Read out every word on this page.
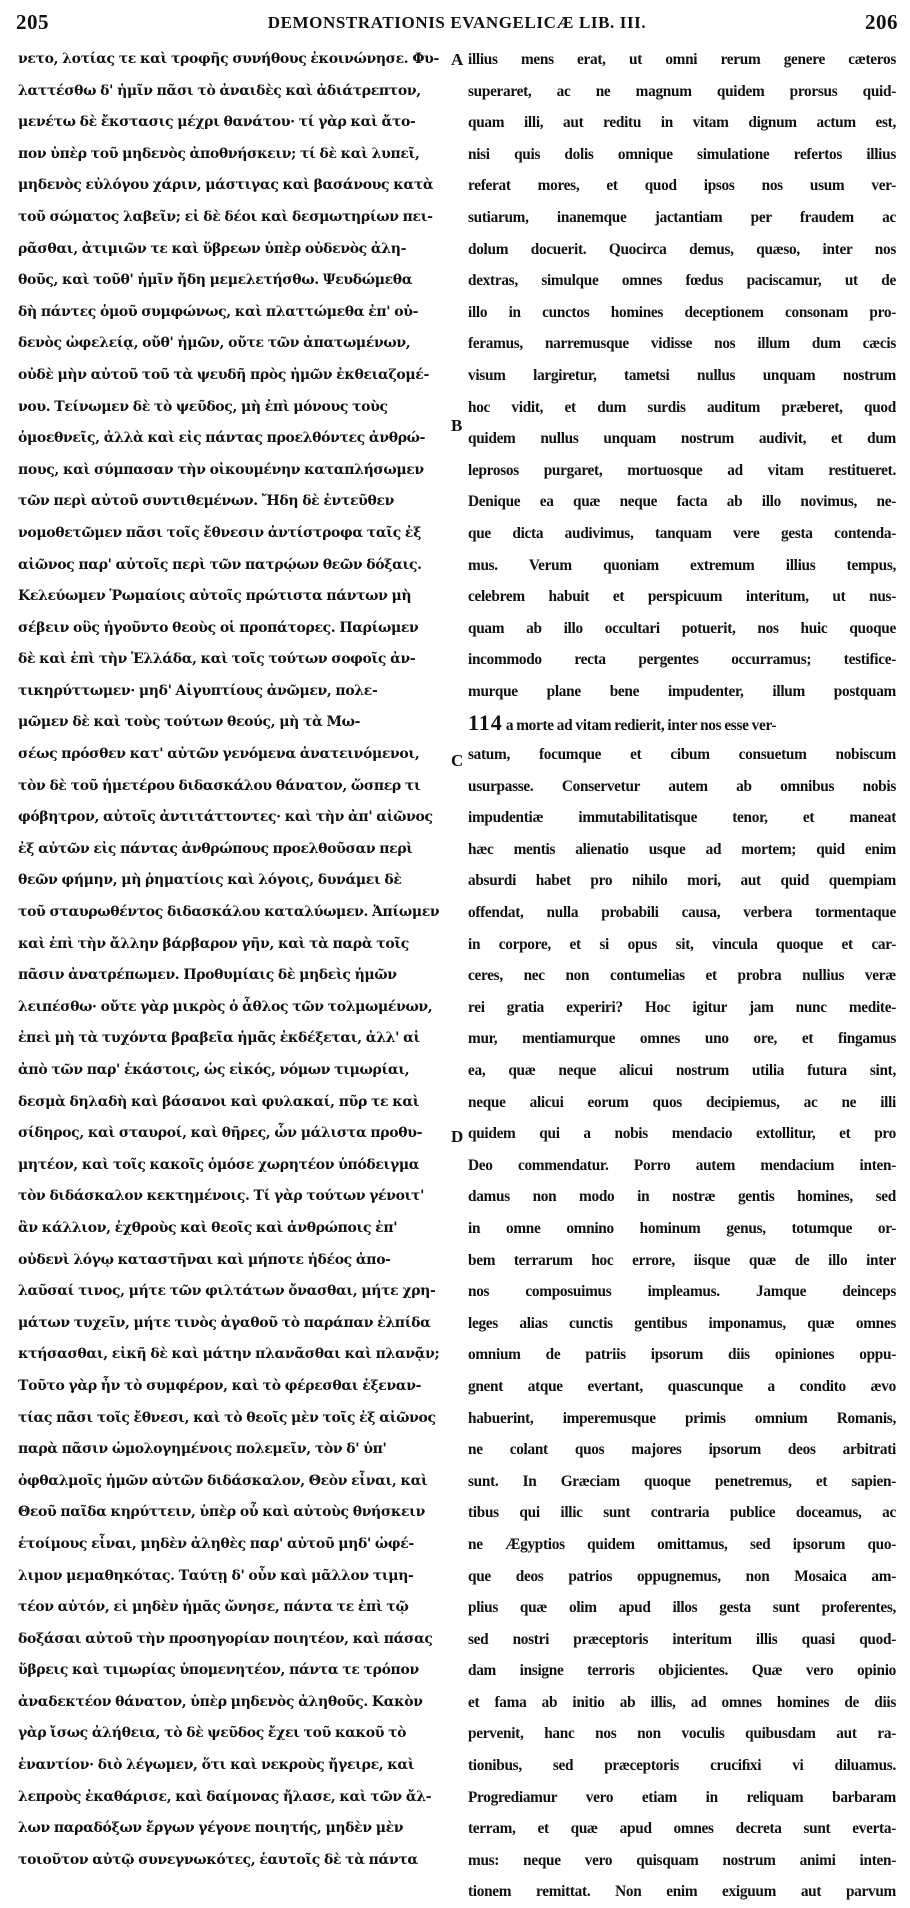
205	DEMONSTRATIONIS EVANGELICÆ LIB. III.	206
νετο, λοτίας τε καὶ τροφῆς συνήθους ἐκοινώνησε. Φυ-
λαττέσθω δ' ἡμῖν πᾶσι τὸ ἀναιδὲς καὶ ἀδιάτρεπτον,
μενέτω δὲ ἔκστασις μέχρι θανάτου· τί γὰρ καὶ ἄτο-
πον ὑπὲρ τοῦ μηδενὸς ἀποθνήσκειν; τί δὲ καὶ λυπεῖ,
μηδενὸς εὐλόγου χάριν, μάστιγας καὶ βασάνους κατὰ
τοῦ σώματος λαβεῖν; εἰ δὲ δέοι καὶ δεσμωτηρίων πει-
ρᾶσθαι, ἀτιμιῶν τε καὶ ὕβρεων ὑπὲρ οὐδενὸς ἀλη-
θοῦς, καὶ τοῦθ' ἡμῖν ἤδη μεμελετήσθω. Ψευδώμεθα
δὴ πάντες ὁμοῦ συμφώνως, καὶ πλαττώμεθα ἐπ' οὐ-
δενὸς ὠφελείᾳ, οὔθ' ἡμῶν, οὔτε τῶν ἀπατωμένων,
οὐδὲ μὴν αὐτοῦ τοῦ τὰ ψευδῆ πρὸς ἡμῶν ἐκθειαζομέ-
νου. Τείνωμεν δὲ τὸ ψεῦδος, μὴ ἐπὶ μόνους τοὺς
ὁμοεθνεῖς, ἀλλὰ καὶ εἰς πάντας προελθόντες ἀνθρώ-
πους, καὶ σύμπασαν τὴν οἰκουμένην καταπλήσωμεν
τῶν περὶ αὐτοῦ συντιθεμένων. Ἤδη δὲ ἐντεῦθεν
νομοθετῶμεν πᾶσι τοῖς ἔθνεσιν ἀντίστροφα ταῖς ἐξ
αἰῶνος παρ' αὐτοῖς περὶ τῶν πατρῴων θεῶν δόξαις.
Κελεύωμεν Ῥωμαίοις αὐτοῖς πρώτιστα πάντων μὴ
σέβειν οὓς ἡγοῦντο θεοὺς οἱ προπάτορες. Παρίωμεν
δὲ καὶ ἐπὶ τὴν Ἑλλάδα, καὶ τοῖς τούτων σοφοῖς ἀν-
τικηρύττωμεν· μηδ' Αἰγυπτίους ἀνῶμεν, πολε-
μῶμεν δὲ καὶ τοὺς τούτων θεούς, μὴ τὰ Μω-
σέως πρόσθεν κατ' αὐτῶν γενόμενα ἀνατεινόμενοι,
τὸν δὲ τοῦ ἡμετέρου διδασκάλου θάνατον, ὥσπερ τι
φόβητρον, αὐτοῖς ἀντιτάττοντες· καὶ τὴν ἀπ' αἰῶνος
ἐξ αὐτῶν εἰς πάντας ἀνθρώπους προελθοῦσαν περὶ
θεῶν φήμην, μὴ ῥηματίοις καὶ λόγοις, δυνάμει δὲ
τοῦ σταυρωθέντος διδασκάλου καταλύωμεν. Ἀπίωμεν
καὶ ἐπὶ τὴν ἄλλην βάρβαρον γῆν, καὶ τὰ παρὰ τοῖς
πᾶσιν ἀνατρέπωμεν. Προθυμίαις δὲ μηδεὶς ἡμῶν
λειπέσθω· οὔτε γὰρ μικρὸς ὁ ἆθλος τῶν τολμωμένων,
ἐπεὶ μὴ τὰ τυχόντα βραβεῖα ἡμᾶς ἐκδέξεται, ἀλλ' αἱ
ἀπὸ τῶν παρ' ἑκάστοις, ὡς εἰκός, νόμων τιμωρίαι,
δεσμὰ δηλαδὴ καὶ βάσανοι καὶ φυλακαί, πῦρ τε καὶ
σίδηρος, καὶ σταυροί, καὶ θῆρες, ὧν μάλιστα προθυ-
μητέον, καὶ τοῖς κακοῖς ὁμόσε χωρητέον ὑπόδειγμα
τὸν διδάσκαλον κεκτημένοις. Τί γὰρ τούτων γένοιτ'
ἂν κάλλιον, ἐχθροὺς καὶ θεοῖς καὶ ἀνθρώποις ἐπ'
οὐδενὶ λόγῳ καταστῆναι καὶ μήποτε ἡδέος ἀπο-
λαῦσαί τινος, μήτε τῶν φιλτάτων ὄνασθαι, μήτε χρη-
μάτων τυχεῖν, μήτε τινὸς ἀγαθοῦ τὸ παράπαν ἐλπίδα
κτήσασθαι, εἰκῆ δὲ καὶ μάτην πλανᾶσθαι καὶ πλανᾷν;
Τοῦτο γὰρ ἦν τὸ συμφέρον, καὶ τὸ φέρεσθαι ἐξεναν-
τίας πᾶσι τοῖς ἔθνεσι, καὶ τὸ θεοῖς μὲν τοῖς ἐξ αἰῶνος
παρὰ πᾶσιν ὡμολογημένοις πολεμεῖν, τὸν δ' ὑπ'
ὀφθαλμοῖς ἡμῶν αὐτῶν διδάσκαλον, Θεὸν εἶναι, καὶ
Θεοῦ παῖδα κηρύττειν, ὑπὲρ οὗ καὶ αὐτοὺς θνήσκειν
ἑτοίμους εἶναι, μηδὲν ἀληθὲς παρ' αὐτοῦ μηδ' ὠφέ-
λιμον μεμαθηκότας. Ταύτῃ δ' οὖν καὶ μᾶλλον τιμη-
τέον αὐτόν, εἰ μηδὲν ἡμᾶς ὤνησε, πάντα τε ἐπὶ τῷ
δοξάσαι αὐτοῦ τὴν προσηγορίαν ποιητέον, καὶ πάσας
ὕβρεις καὶ τιμωρίας ὑπομενητέον, πάντα τε τρόπον
ἀναδεκτέον θάνατον, ὑπὲρ μηδενὸς ἀληθοῦς. Κακὸν
γὰρ ἴσως ἀλήθεια, τὸ δὲ ψεῦδος ἔχει τοῦ κακοῦ τὸ
ἐναντίον· διὸ λέγωμεν, ὅτι καὶ νεκροὺς ἤγειρε, καὶ
λεπροὺς ἐκαθάρισε, καὶ δαίμονας ἤλασε, καὶ τῶν ἄλ-
λων παραδόξων ἔργων γέγονε ποιητής, μηδὲν μὲν
τοιοῦτον αὐτῷ συνεγνωκότες, ἑαυτοῖς δὲ τὰ πάντα
A
B
C
D
illius mens erat, ut omni rerum genere cæteros
superaret, ac ne magnum quidem prorsus quid-
quam illi, aut reditu in vitam dignum actum est,
nisi quis dolis omnique simulatione refertos illius
referat mores, et quod ipsos nos usum ver-
sutiarum, inanemque jactantiam per fraudem ac
dolum docuerit. Quocirca demus, quæso, inter nos
dextras, simulque omnes fœdus paciscamur, ut de
illo in cunctos homines deceptionem consonam pro-
feramus, narremusque vidisse nos illum dum cæcis
visum largiretur, tametsi nullus unquam nostrum
hoc vidit, et dum surdis auditum præberet, quod
quidem nullus unquam nostrum audivit, et dum
leprosos purgaret, mortuosque ad vitam restitueret.
Denique ea quæ neque facta ab illo novimus, ne-
que dicta audivimus, tanquam vere gesta contenda-
mus. Verum quoniam extremum illius tempus,
celebrem habuit et perspicuum interitum, ut nus-
quam ab illo occultari potuerit, nos huic quoque
incommodo recta pergentes occurramus; testifice-
murque plane bene impudenter, illum postquam
114 a morte ad vitam redierit, inter nos esse ver-
satum, focumque et cibum consuetum nobiscum
usurpasse. Conservetur autem ab omnibus nobis
impudentiæ immutabilitatisque tenor, et maneat
hæc mentis alienatio usque ad mortem; quid enim
absurdi habet pro nihilo mori, aut quid quempiam
offendat, nulla probabili causa, verbera tormentaque
in corpore, et si opus sit, vincula quoque et car-
ceres, nec non contumelias et probra nullius veræ
rei gratia experiri? Hoc igitur jam nunc medite-
mur, mentiamurque omnes uno ore, et fingamus
ea, quæ neque alicui nostrum utilia futura sint,
neque alicui eorum quos decipiemus, ac ne illi
quidem qui a nobis mendacio extollitur, et pro
Deo commendatur. Porro autem mendacium inten-
damus non modo in nostræ gentis homines, sed
in omne omnino hominum genus, totumque or-
bem terrarum hoc errore, iisque quæ de illo inter
nos composuimus impleamus. Jamque deinceps
leges alias cunctis gentibus imponamus, quæ omnes
omnium de patriis ipsorum diis opiniones oppu-
gnent atque evertant, quascunque a condito ævo
habuerint, imperemusque primis omnium Romanis,
ne colant quos majores ipsorum deos arbitrati
sunt. In Græciam quoque penetremus, et sapien-
tibus qui illic sunt contraria publice doceamus, ac
ne Ægyptios quidem omittamus, sed ipsorum quo-
que deos patrios oppugnemus, non Mosaica am-
plius quæ olim apud illos gesta sunt proferentes,
sed nostri præceptoris interitum illis quasi quod-
dam insigne terroris objicientes. Quæ vero opinio
et fama ab initio ab illis, ad omnes homines de diis
pervenit, hanc nos non voculis quibusdam aut ra-
tionibus, sed præceptoris cruciﬁxi vi diluamus.
Progrediamur vero etiam in reliquam barbaram
terram, et quæ apud omnes decreta sunt everta-
mus: neque vero quisquam nostrum animi inten-
tionem remittat. Non enim exiguum aut parvum
